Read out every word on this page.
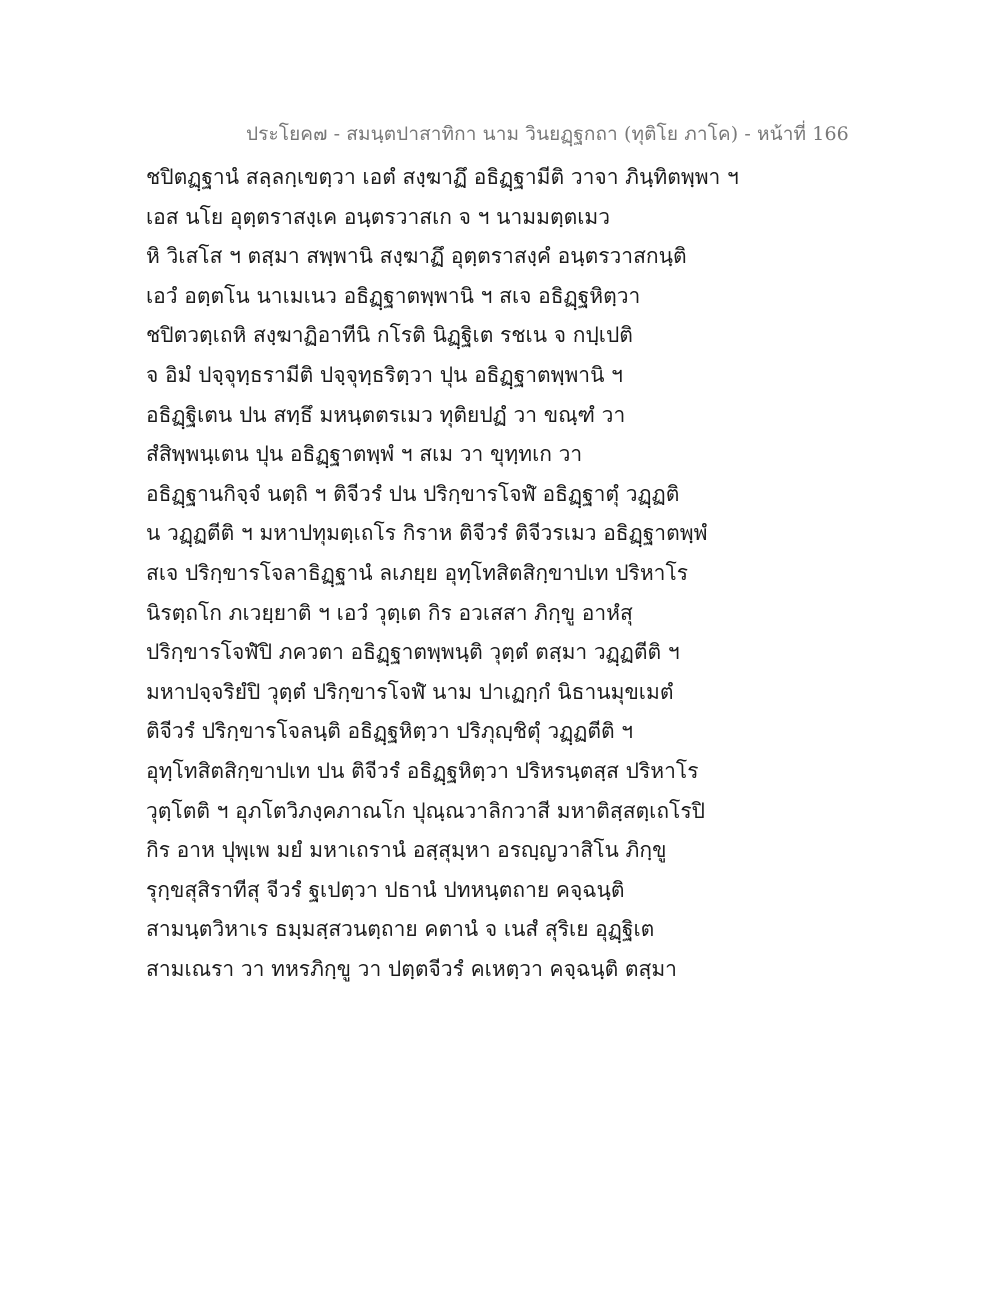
ประโยค๗ - สมนฺตปาสาทิกา นาม วินยฏฺฐกถา (ทุติโย ภาโค) - หน้าที่ 166
ชปิตฏฺฐานํ สลฺลกฺเขตฺวา เอตํ สงฺฆาฏึ อธิฏฺฐามีติ วาจา ภินฺทิตพฺพา ฯ
เอส นโย อุตฺตราสงฺเค อนฺตรวาสเก จ ฯ นามมตฺตเมว
หิ วิเสโส ฯ ตสฺมา สพฺพานิ สงฺฆาฏึ อุตฺตราสงฺคํ อนฺตรวาสกนฺติ
เอวํ อตฺตโน นาเมเนว อธิฏฺฐาตพฺพานิ ฯ สเจ อธิฏฺฐหิตฺวา
ชปิตวตฺเถหิ สงฺฆาฏิอาทีนิ กโรติ นิฏฺฐิเต รชเน จ กปฺเปติ
จ อิมํ ปจฺจุทฺธรามีติ ปจฺจุทฺธริตฺวา ปุน อธิฏฺฐาตพฺพานิ ฯ
อธิฏฺฐิเตน ปน สทฺธึ มหนฺตตรเมว ทุติยปฏํ วา ขณฺฑํ วา
สํสิพฺพนฺเตน ปุน อธิฏฺฐาตพฺพํ ฯ สเม วา ขุทฺทเก วา
อธิฏฺฐานกิจฺจํ นตฺถิ ฯ ติจีวรํ ปน ปริกฺขารโจฬํ อธิฏฺฐาตุํ วฏฺฏติ
น วฏฺฏตีติ ฯ มหาปทุมตฺเถโร กิราห ติจีวรํ ติจีวรเมว อธิฏฺฐาตพฺพํ
สเจ ปริกฺขารโจลาธิฏฺฐานํ ลเภยฺย อุทฺโทสิตสิกฺขาปเท ปริหาโร
นิรตฺถโก ภเวยฺยาติ ฯ เอวํ วุตฺเต กิร อวเสสา ภิกฺขู อาหํสุ
ปริกฺขารโจฬํปิ ภควตา อธิฏฺฐาตพฺพนฺติ วุตฺตํ ตสฺมา วฏฺฏตีติ ฯ
มหาปจฺจริยํปิ วุตฺตํ ปริกฺขารโจฬํ นาม ปาเฏกฺกํ นิธานมุขเมตํ
ติจีวรํ ปริกฺขารโจลนฺติ อธิฏฺฐหิตฺวา ปริภุญฺชิตุํ วฏฺฏตีติ ฯ
อุทฺโทสิตสิกฺขาปเท ปน ติจีวรํ อธิฏฺฐหิตฺวา ปริหรนฺตสฺส ปริหาโร
วุตฺโตติ ฯ อุภโตวิภงฺคภาณโก ปุณฺณวาลิกวาสี มหาติสฺสตฺเถโรปิ
กิร อาห ปุพฺเพ มยํ มหาเถรานํ อสฺสุมฺหา อรญฺญวาสิโน ภิกฺขู
รุกฺขสุสิราทีสุ จีวรํ ฐเปตฺวา ปธานํ ปทหนฺตถาย คจฺฉนฺติ
สามนฺตวิหาเร ธมฺมสฺสวนตฺถาย คตานํ จ เนสํ สุริเย อุฏฺฐิเต
สามเณรา วา ทหรภิกฺขู วา ปตฺตจีวรํ คเหตฺวา คจฺฉนฺติ ตสฺมา
